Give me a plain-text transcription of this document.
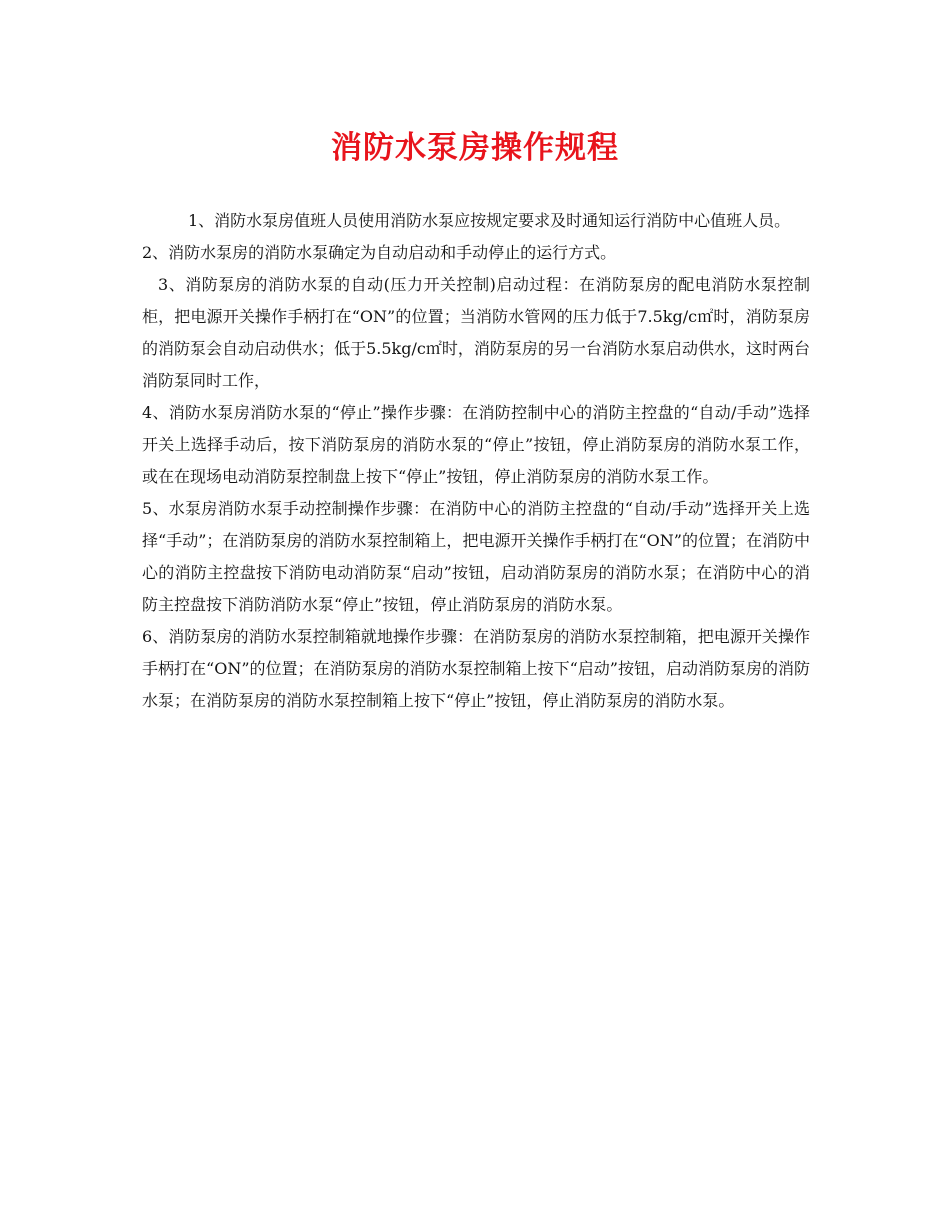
消防水泵房操作规程

1、消防水泵房值班人员使用消防水泵应按规定要求及时通知运行消防中心值班人员。

2、消防水泵房的消防水泵确定为自动启动和手动停止的运行方式。

3、消防泵房的消防水泵的自动(压力开关控制)启动过程：在消防泵房的配电消防水泵控制柜，把电源开关操作手柄打在“ON”的位置；当消防水管网的压力低于7.5kg/c㎡时，消防泵房的消防泵会自动启动供水；低于5.5kg/c㎡时，消防泵房的另一台消防水泵启动供水，这时两台消防泵同时工作，

4、消防水泵房消防水泵的“停止”操作步骤：在消防控制中心的消防主控盘的“自动/手动”选择开关上选择手动后，按下消防泵房的消防水泵的“停止”按钮，停止消防泵房的消防水泵工作，或在在现场电动消防泵控制盘上按下“停止”按钮，停止消防泵房的消防水泵工作。

5、水泵房消防水泵手动控制操作步骤：在消防中心的消防主控盘的“自动/手动”选择开关上选择“手动”；在消防泵房的消防水泵控制箱上，把电源开关操作手柄打在“ON”的位置；在消防中心的消防主控盘按下消防电动消防泵“启动”按钮，启动消防泵房的消防水泵；在消防中心的消防主控盘按下消防消防水泵“停止”按钮，停止消防泵房的消防水泵。

6、消防泵房的消防水泵控制箱就地操作步骤：在消防泵房的消防水泵控制箱，把电源开关操作手柄打在“ON”的位置；在消防泵房的消防水泵控制箱上按下“启动”按钮，启动消防泵房的消防水泵；在消防泵房的消防水泵控制箱上按下“停止”按钮，停止消防泵房的消防水泵。
